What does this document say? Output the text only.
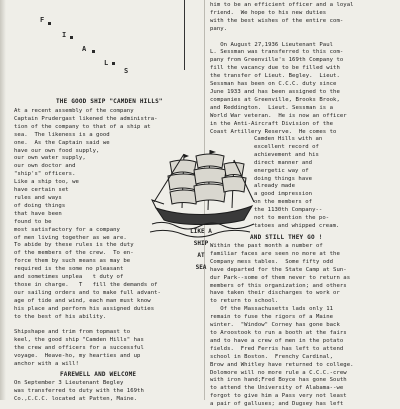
F
I
A
L
S
THE GOOD SHIP "CAMDEN HILLS"
At a recent assembly of the company
Captain Prudergast likened the administra-
tion of the company to that of a ship at
sea.  The likeness is a good
one.  As the Captain said we
have our own food supply,
our own water supply,
our own doctor and
"ship's" officers.
Like a ship too, we
have certain set
rules and ways
of doing things
that have been
found to be
most satisfactory for a company
of men living together as we are.
To abide by these rules is the duty
of the members of the crew.  To en-
force them by such means as may be
required is the some no pleasant
and sometimes unplea   t duty of
those in charge.   T   fill the demands of
our sailing orders and to make full advant-
age of tide and wind, each man must know
his place and perform his assigned duties
to the best of his ability.

Shipshape and trim from topmast to
keel, the good ship "Camden Hills" has
the crew and officers for a successful
voyage.  Heave-ho, my hearties and up
anchor with a will!
FAREWELL AND WELCOME
On September 3 Lieutenant Begley
was transferred to duty with the 169th
Co.,C.C.C. located at Patten, Maine.
him to be an efficient officer and a loyal
friend.  We hope to his new duties
with the best wishes of the entire com-
pany.

On August 27,1936 Lieutenant Paul
L. Sessman was transferred to this com-
pany from Greenville's 169th Company to
fill the vacancy due to be filled with
the transfer of Lieut. Begley.  Lieut.
Sessman has been on C.C.C. duty since
June 1933 and has been assigned to the
companies at Greenville, Brooks Brook,
and Reddington.  Lieut. Sessman is a
World War veteran.  He is now an officer
in the Anti-Aircraft Division of the
Coast Artillery Reserve.  He comes to
Camden Hills with an
excellent record of
achievement and his
direct manner and
energetic way of
doing things have
already made
a good impression
on the members of
the 1130th Company--
not to mention the po-
tatoes and whipped cream.
AND STILL THEY GO !
Within the past month a number of
familiar faces are seen no more at the
Company mess tables.  Some fifty odd
have departed for the State Camp at Sun-
dur Park--some of them never to return as
members of this organization; and others
have taken their discharges to work or
to return to school.
Of the Massachusetts lads only 11
remain to fuse the rigors of a Maine
winter.  "Window" Corney has gone back
to Aroostook to run a booth at the fairs
and to have a crew of men in the potato
fields.  Fred Ferris has left to attend
school in Boston.  Frenchy Cardinal,
Brow and Whitley have returned to college.
Dolomore will no more rule a C.C.C.-crew
with iron hand;Fred Boyce has gone South
to attend the University of Alabama--we
forgot to give him a Pass very not least
a pair of galluses; and Dugsey has left
LIKE A
SHIP
AT
SEA
